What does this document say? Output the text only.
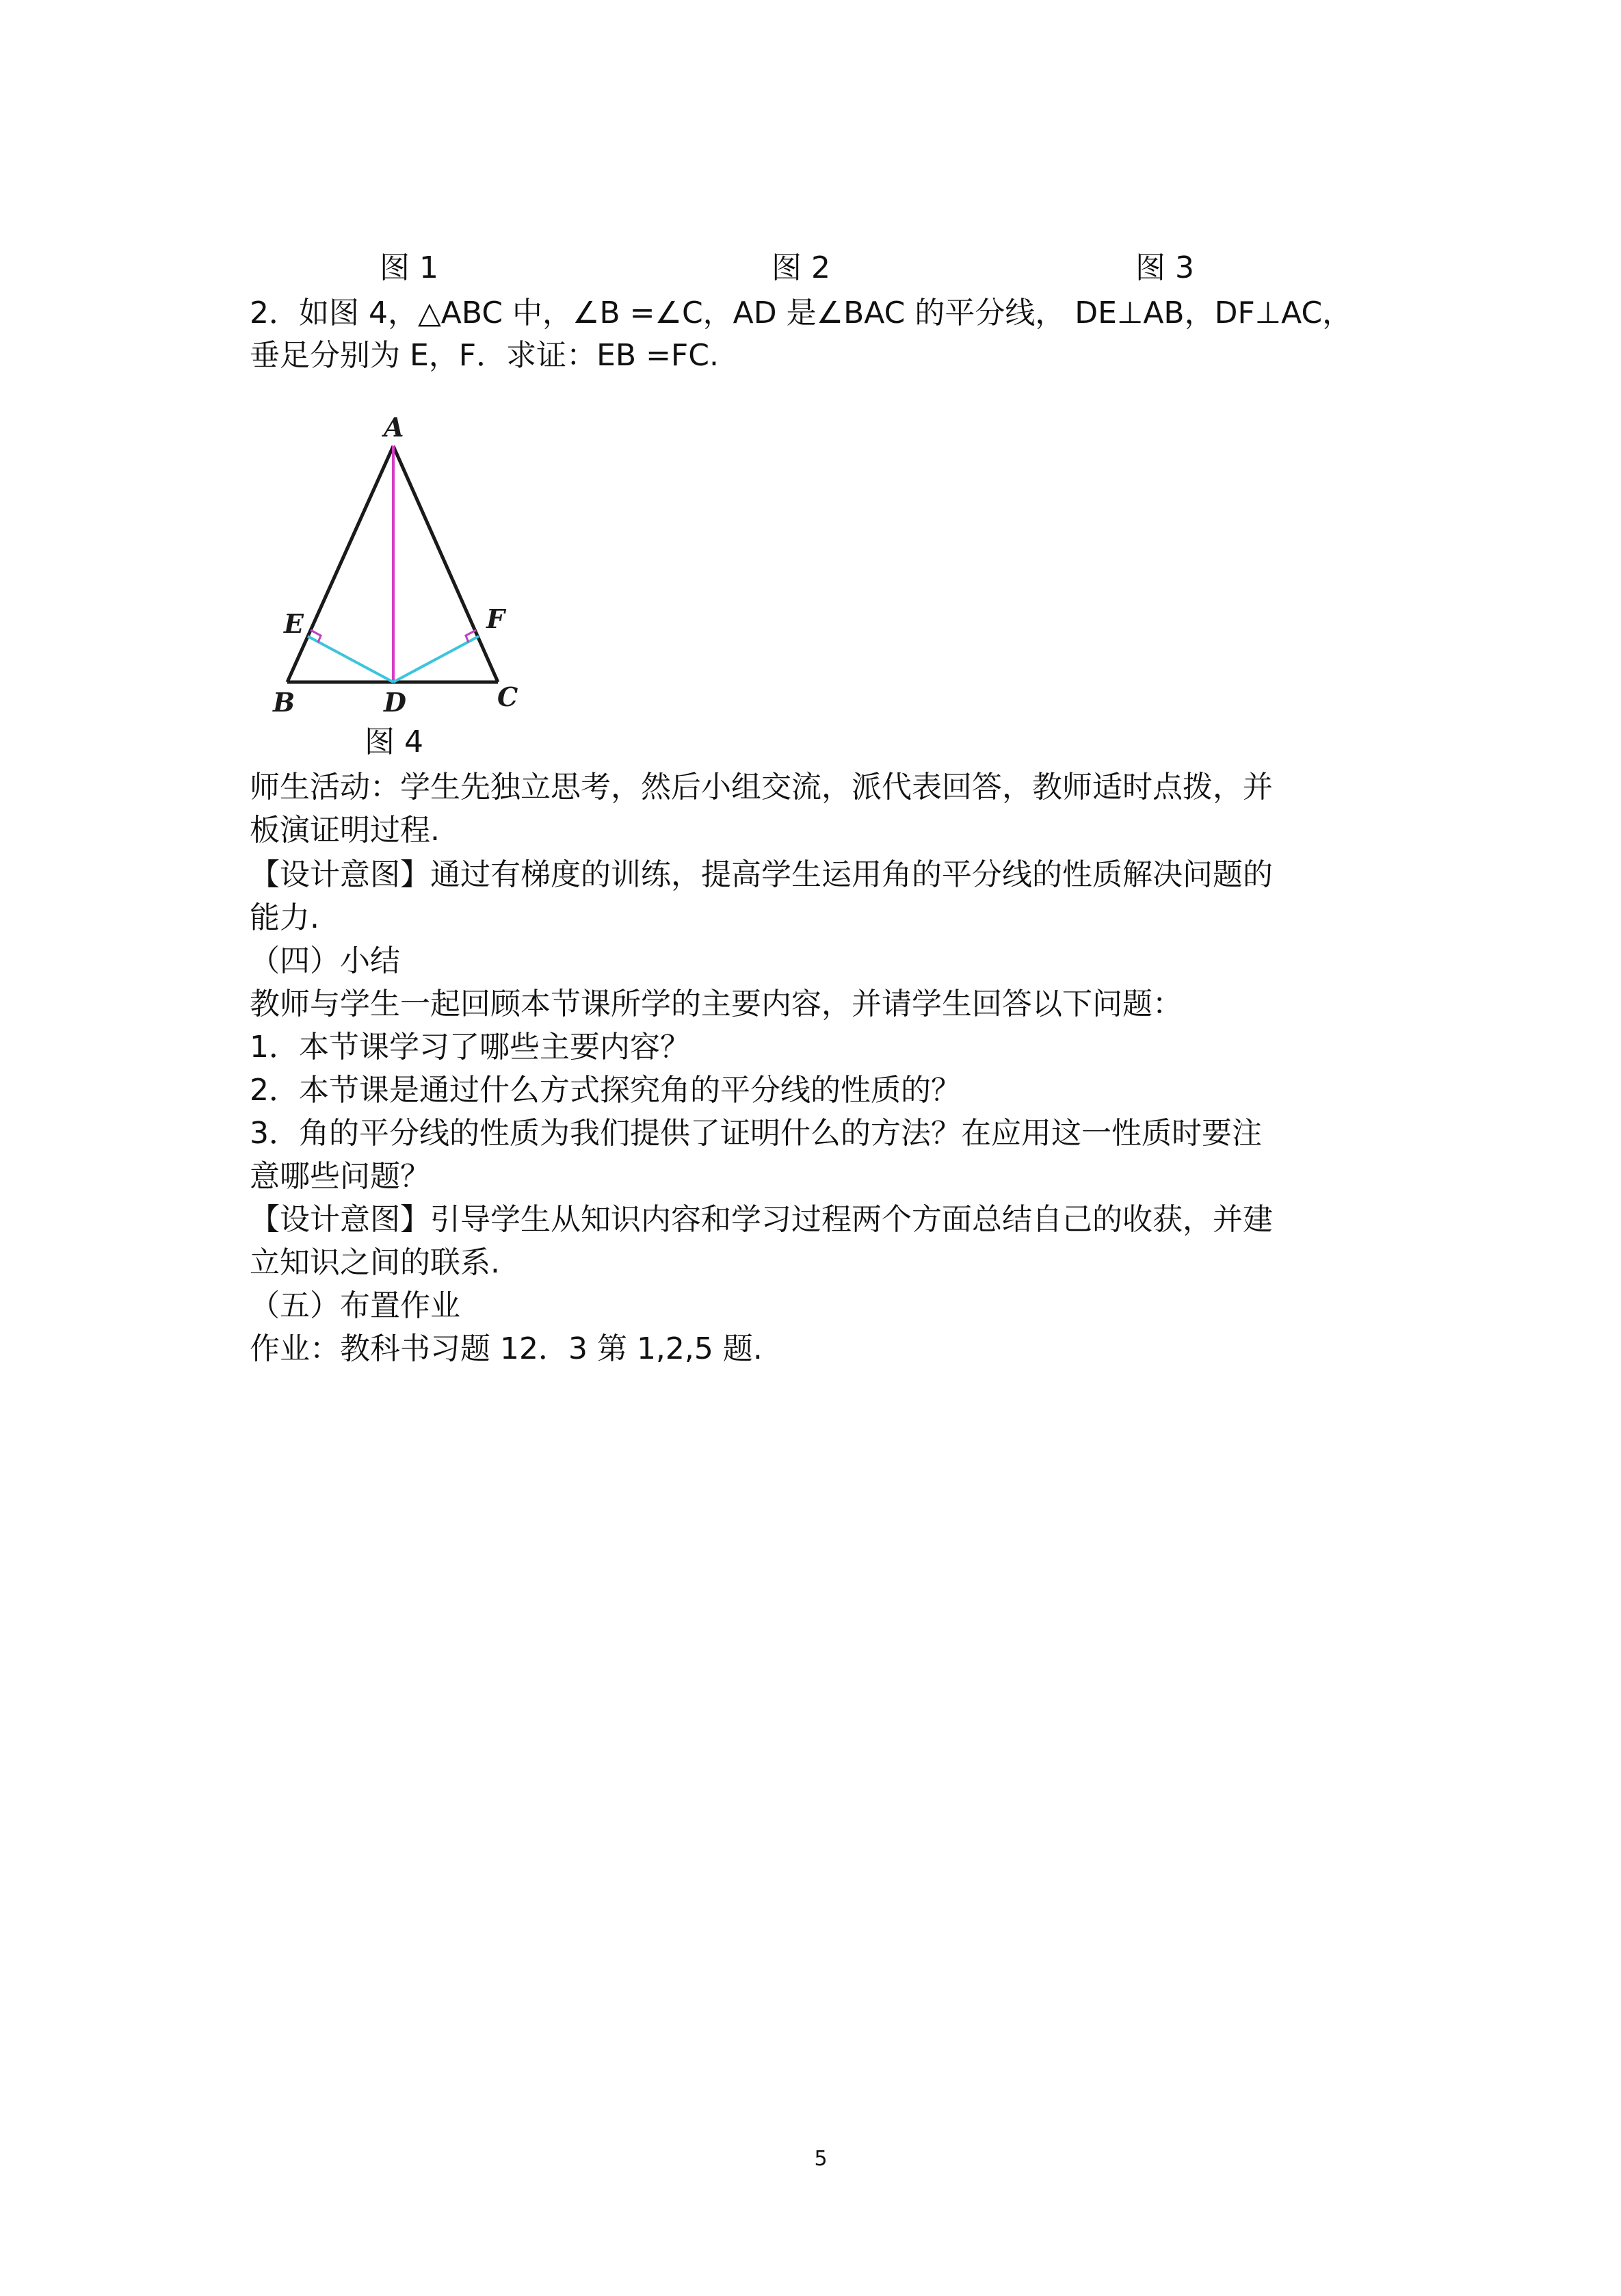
图 1	图 2	图 3
2．如图 4，△ABC 中，∠B =∠C，AD 是∠BAC 的平分线， DE⊥AB，DF⊥AC，
垂足分别为 E，F．求证：EB =FC.
A
B	C
D
E	F
图 4
师生活动：学生先独立思考，然后小组交流，派代表回答，教师适时点拨，并
板演证明过程.
【设计意图】通过有梯度的训练，提高学生运用角的平分线的性质解决问题的
能力.
（四）小结
教师与学生一起回顾本节课所学的主要内容，并请学生回答以下问题：
1．本节课学习了哪些主要内容？
2．本节课是通过什么方式探究角的平分线的性质的？
3．角的平分线的性质为我们提供了证明什么的方法？在应用这一性质时要注
意哪些问题？
【设计意图】引导学生从知识内容和学习过程两个方面总结自己的收获，并建
立知识之间的联系.
（五）布置作业
作业：教科书习题 12．3 第 1,2,5 题.
5
